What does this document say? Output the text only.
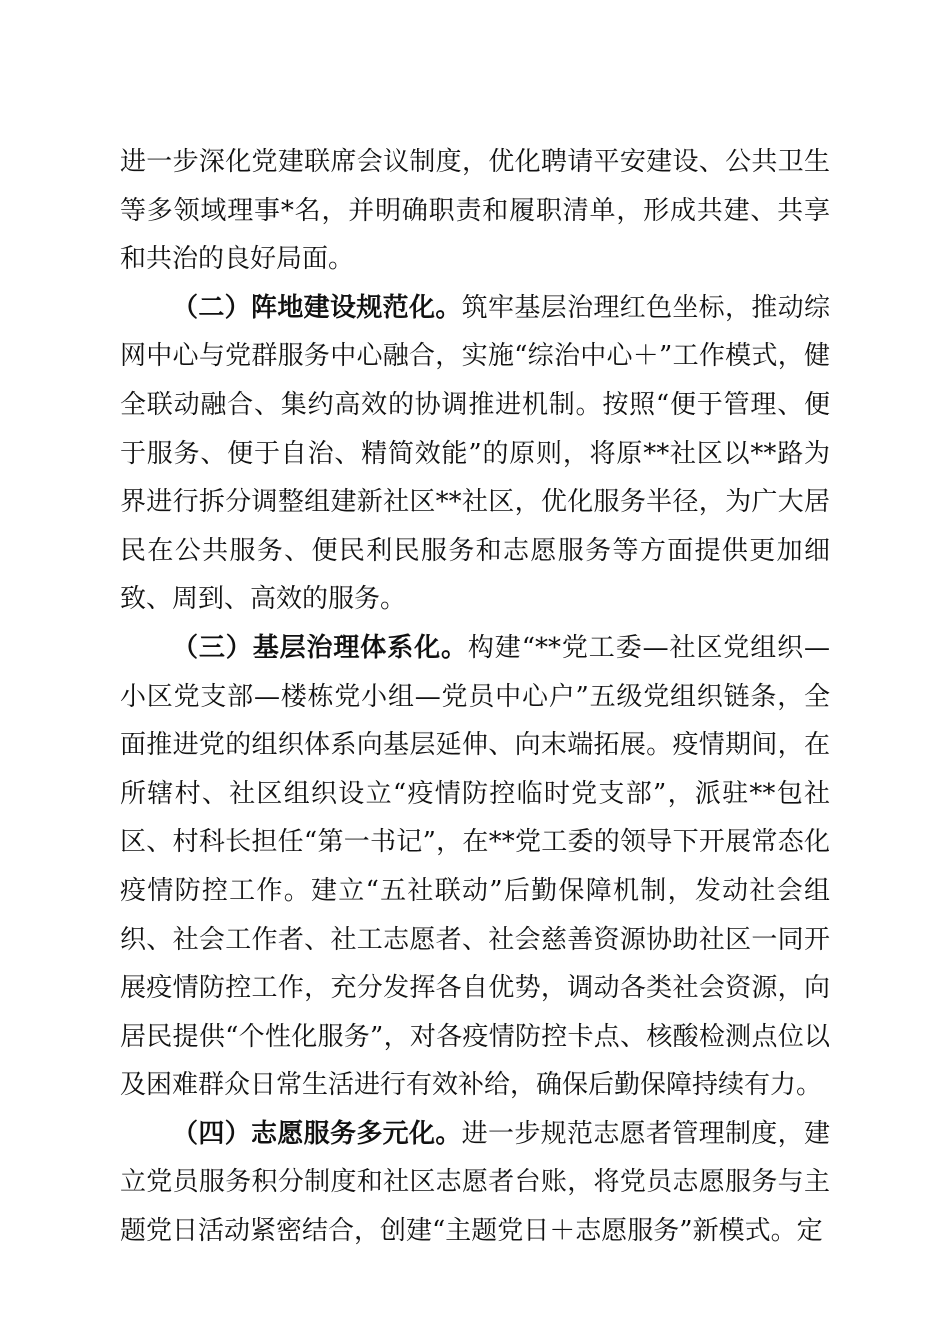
进一步深化党建联席会议制度，优化聘请平安建设、公共卫生等多领域理事*名，并明确职责和履职清单，形成共建、共享和共治的良好局面。

（二）阵地建设规范化。筑牢基层治理红色坐标，推动综网中心与党群服务中心融合，实施“综治中心＋”工作模式，健全联动融合、集约高效的协调推进机制。按照“便于管理、便于服务、便于自治、精简效能”的原则，将原**社区以**路为界进行拆分调整组建新社区**社区，优化服务半径，为广大居民在公共服务、便民利民服务和志愿服务等方面提供更加细致、周到、高效的服务。

（三）基层治理体系化。构建“**党工委—社区党组织—小区党支部—楼栋党小组—党员中心户”五级党组织链条，全面推进党的组织体系向基层延伸、向末端拓展。疫情期间，在所辖村、社区组织设立“疫情防控临时党支部”，派驻**包社区、村科长担任“第一书记”，在**党工委的领导下开展常态化疫情防控工作。建立“五社联动”后勤保障机制，发动社会组织、社会工作者、社工志愿者、社会慈善资源协助社区一同开展疫情防控工作，充分发挥各自优势，调动各类社会资源，向居民提供“个性化服务”，对各疫情防控卡点、核酸检测点位以及困难群众日常生活进行有效补给，确保后勤保障持续有力。

（四）志愿服务多元化。进一步规范志愿者管理制度，建立党员服务积分制度和社区志愿者台账，将党员志愿服务与主题党日活动紧密结合，创建“主题党日＋志愿服务”新模式。定
